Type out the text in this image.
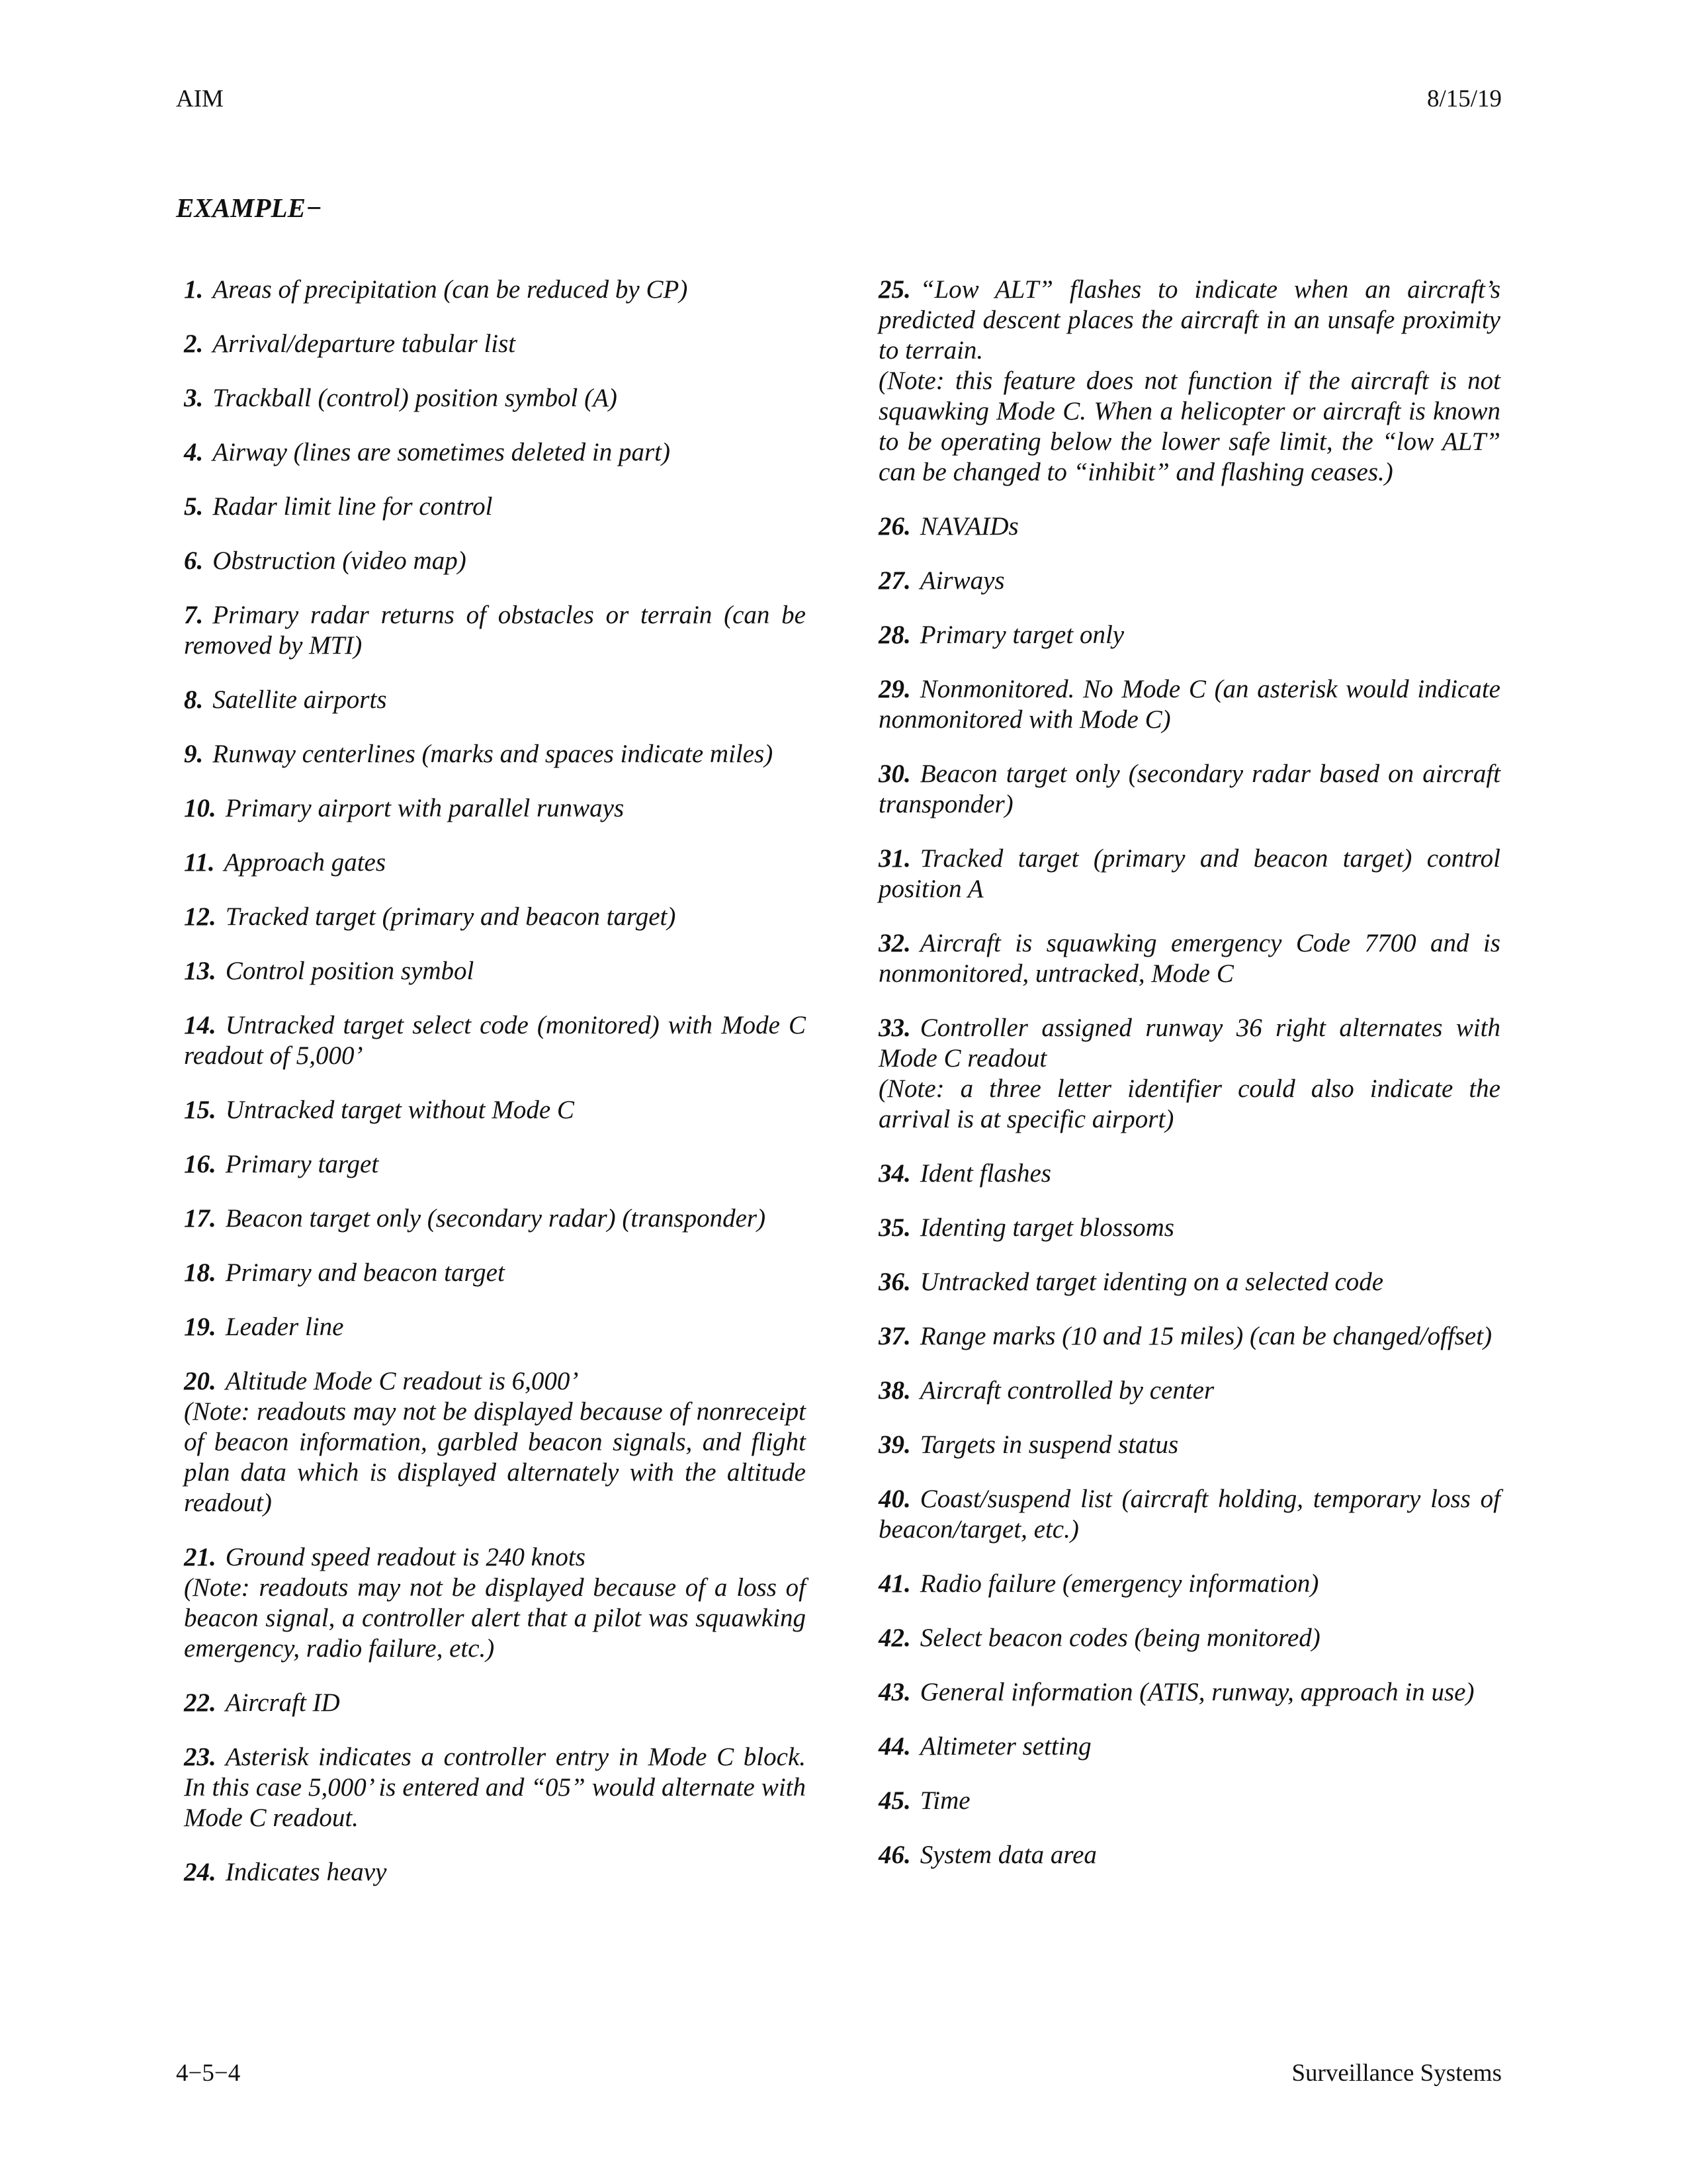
AIM	8/15/19
EXAMPLE−

1. Areas of precipitation (can be reduced by CP)

2. Arrival/departure tabular list

3. Trackball (control) position symbol (A)

4. Airway (lines are sometimes deleted in part)

5. Radar limit line for control

6. Obstruction (video map)

7. Primary radar returns of obstacles or terrain (can be removed by MTI)

8. Satellite airports

9. Runway centerlines (marks and spaces indicate miles)

10. Primary airport with parallel runways

11. Approach gates

12. Tracked target (primary and beacon target)

13. Control position symbol

14. Untracked target select code (monitored) with Mode C readout of 5,000’

15. Untracked target without Mode C

16. Primary target

17. Beacon target only (secondary radar) (transponder)

18. Primary and beacon target

19. Leader line

20. Altitude Mode C readout is 6,000’
(Note: readouts may not be displayed because of nonreceipt of beacon information, garbled beacon signals, and flight plan data which is displayed alternately with the altitude readout)

21. Ground speed readout is 240 knots
(Note: readouts may not be displayed because of a loss of beacon signal, a controller alert that a pilot was squawking emergency, radio failure, etc.)

22. Aircraft ID

23. Asterisk indicates a controller entry in Mode C block. In this case 5,000’ is entered and “05” would alternate with Mode C readout.

24. Indicates heavy

25. “Low ALT” flashes to indicate when an aircraft’s predicted descent places the aircraft in an unsafe proximity to terrain.
(Note: this feature does not function if the aircraft is not squawking Mode C. When a helicopter or aircraft is known to be operating below the lower safe limit, the “low ALT” can be changed to “inhibit” and flashing ceases.)

26. NAVAIDs

27. Airways

28. Primary target only

29. Nonmonitored. No Mode C (an asterisk would indicate nonmonitored with Mode C)

30. Beacon target only (secondary radar based on aircraft transponder)

31. Tracked target (primary and beacon target) control position A

32. Aircraft is squawking emergency Code 7700 and is nonmonitored, untracked, Mode C

33. Controller assigned runway 36 right alternates with Mode C readout
(Note: a three letter identifier could also indicate the arrival is at specific airport)

34. Ident flashes

35. Identing target blossoms

36. Untracked target identing on a selected code

37. Range marks (10 and 15 miles) (can be changed/offset)

38. Aircraft controlled by center

39. Targets in suspend status

40. Coast/suspend list (aircraft holding, temporary loss of beacon/target, etc.)

41. Radio failure (emergency information)

42. Select beacon codes (being monitored)

43. General information (ATIS, runway, approach in use)

44. Altimeter setting

45. Time

46. System data area

4−5−4	Surveillance Systems
